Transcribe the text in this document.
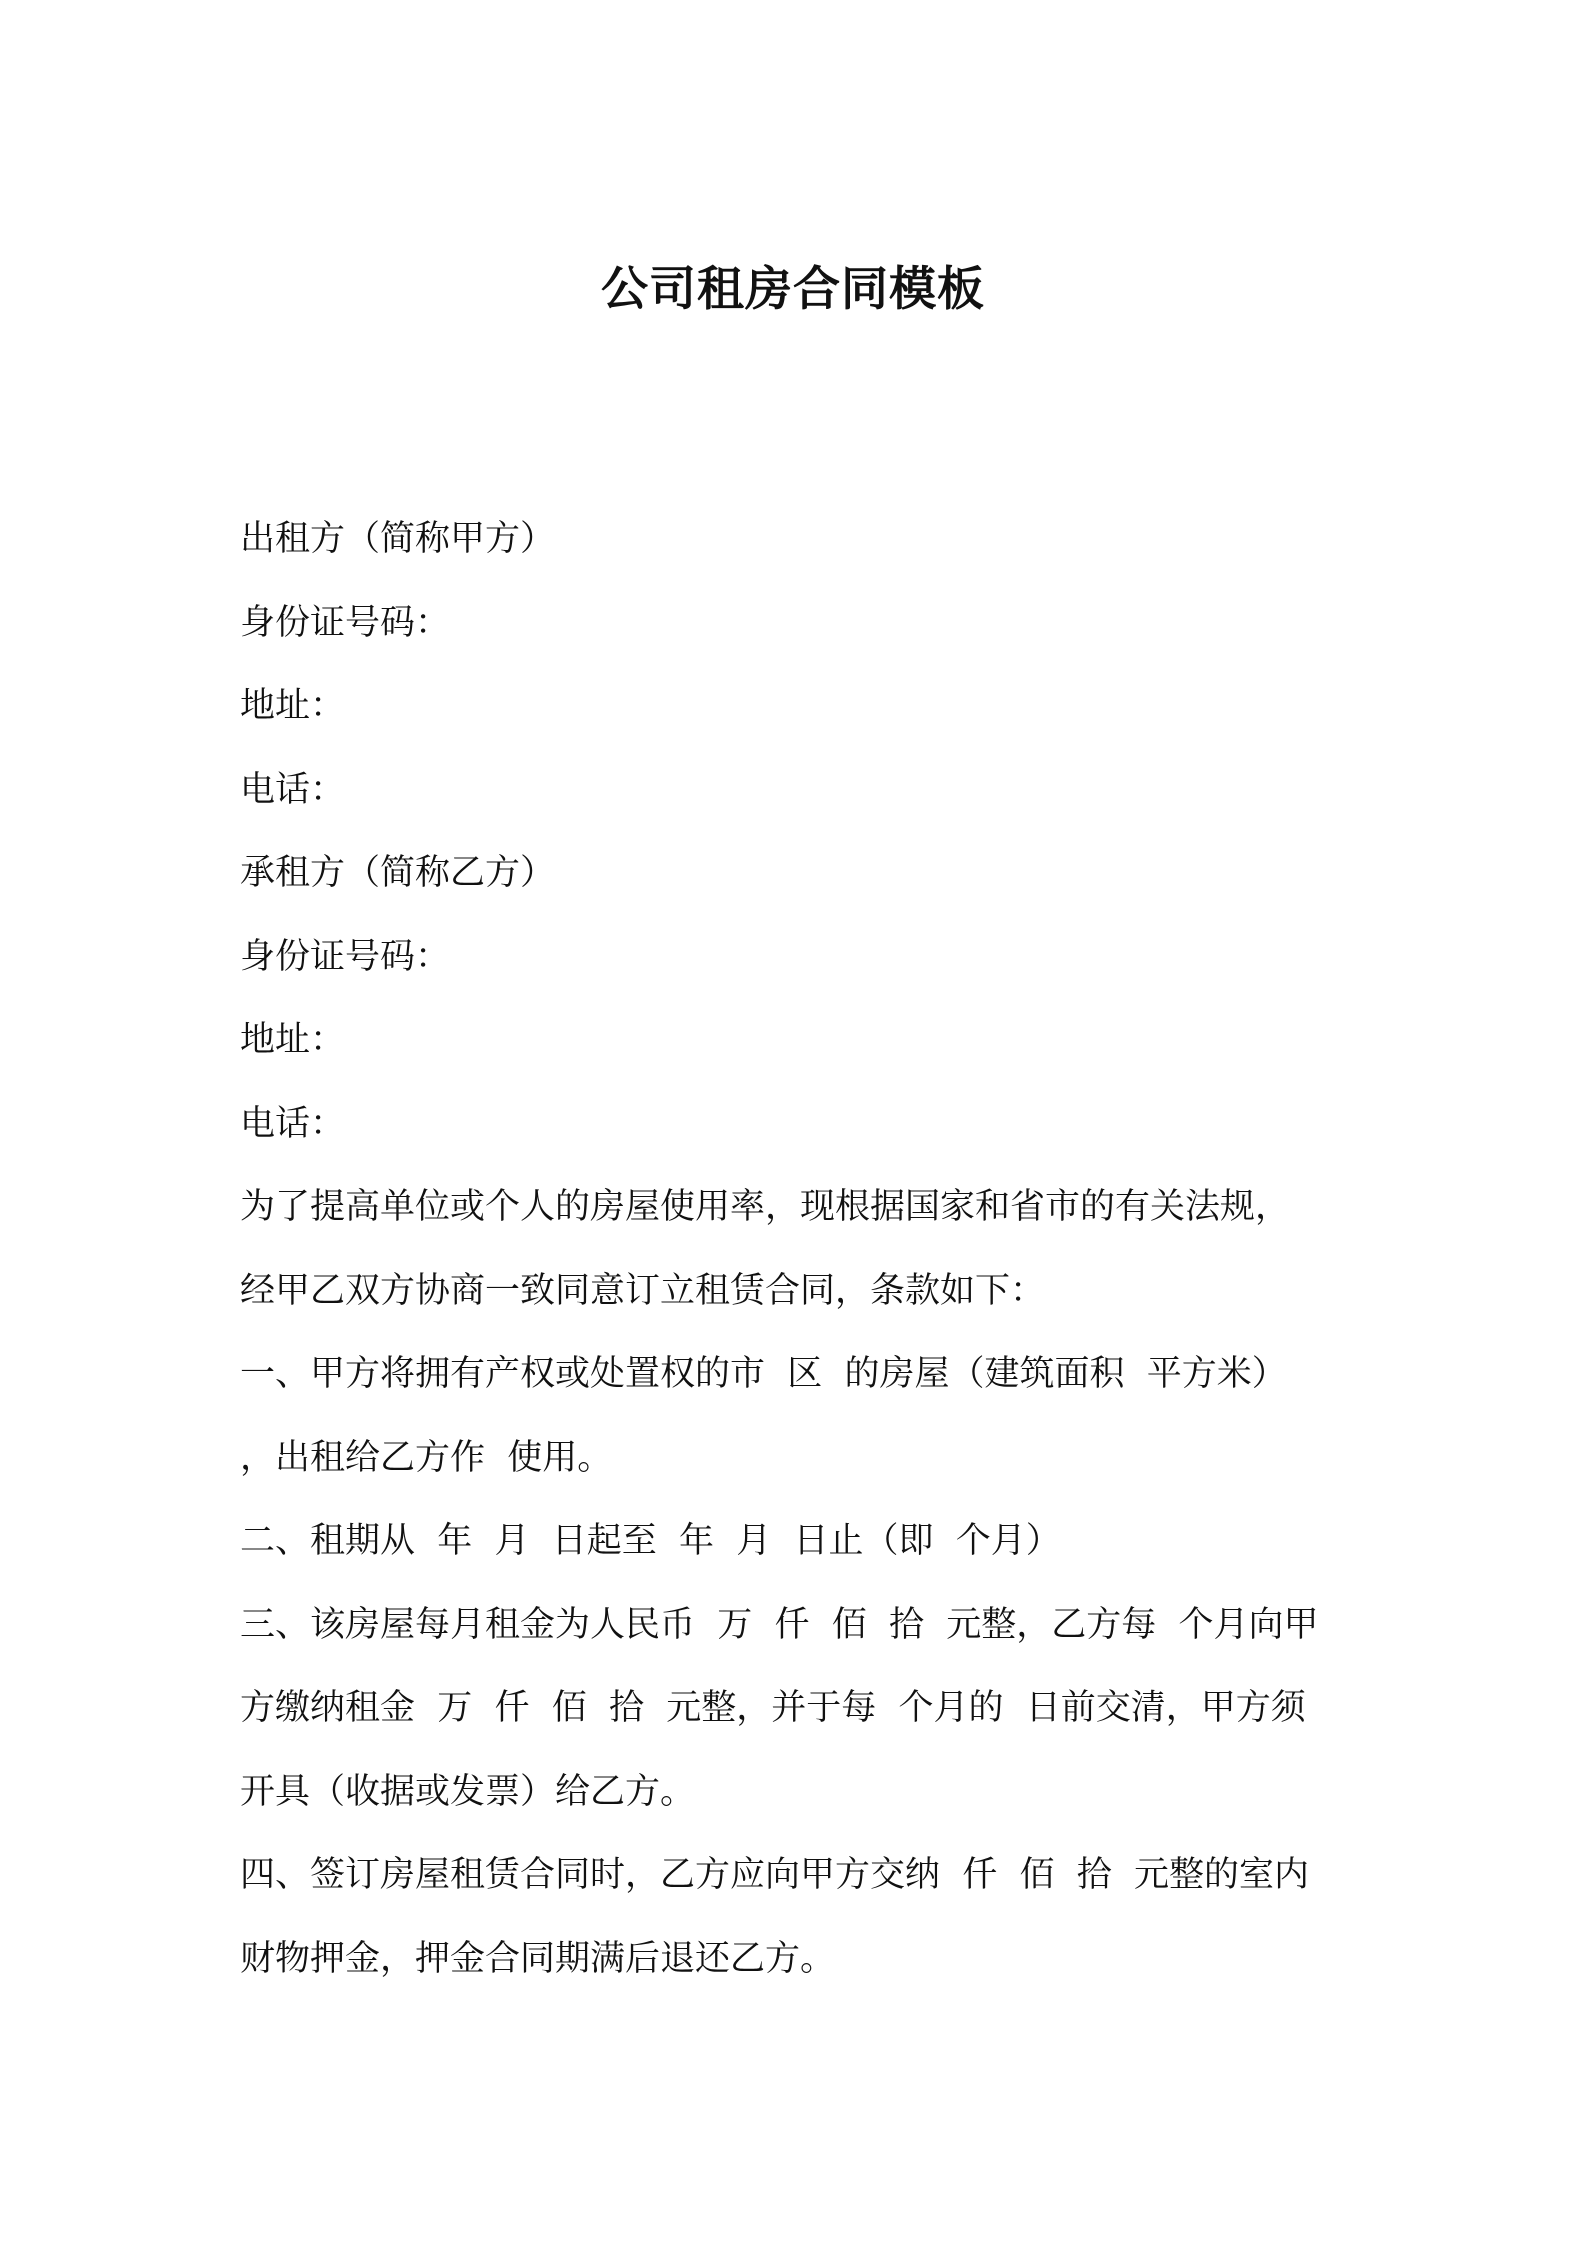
公司租房合同模板
出租方（简称甲方）
身份证号码：
地址：
电话：
承租方（简称乙方）
身份证号码：
地址：
电话：
为了提高单位或个人的房屋使用率，现根据国家和省市的有关法规，
经甲乙双方协商一致同意订立租赁合同，条款如下：
一、甲方将拥有产权或处置权的市  区  的房屋（建筑面积  平方米）
，出租给乙方作  使用。
二、租期从  年  月  日起至  年  月  日止（即  个月）
三、该房屋每月租金为人民币  万  仟  佰  拾  元整，乙方每  个月向甲
方缴纳租金  万  仟  佰  拾  元整，并于每  个月的  日前交清，甲方须
开具（收据或发票）给乙方。
四、签订房屋租赁合同时，乙方应向甲方交纳  仟  佰  拾  元整的室内
财物押金，押金合同期满后退还乙方。
